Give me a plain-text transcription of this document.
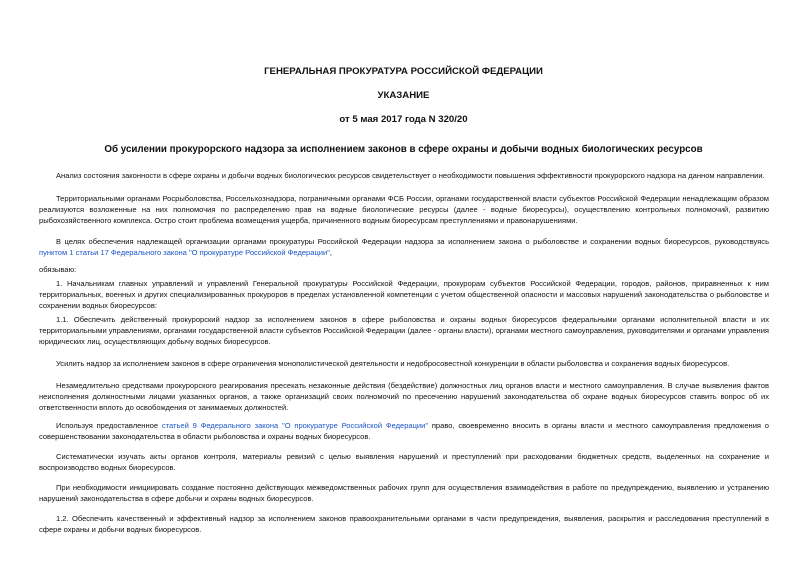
ГЕНЕРАЛЬНАЯ ПРОКУРАТУРА РОССИЙСКОЙ ФЕДЕРАЦИИ
УКАЗАНИЕ
от 5 мая 2017 года N 320/20
Об усилении прокурорского надзора за исполнением законов в сфере охраны и добычи водных биологических ресурсов

Анализ состояния законности в сфере охраны и добычи водных биологических ресурсов свидетельствует о необходимости повышения эффективности прокурорского надзора на данном направлении.

Территориальными органами Росрыболовства, Россельхознадзора, пограничными органами ФСБ России, органами государственной власти субъектов Российской Федерации ненадлежащим образом реализуются возложенные на них полномочия по распределению прав на водные биологические ресурсы (далее - водные биоресурсы), осуществлению контрольных полномочий, развитию рыбохозяйственного комплекса. Остро стоит проблема возмещения ущерба, причиненного водным биоресурсам преступлениями и правонарушениями.

В целях обеспечения надлежащей организации органами прокуратуры Российской Федерации надзора за исполнением закона о рыболовстве и сохранении водных биоресурсов, руководствуясь пунктом 1 статьи 17 Федерального закона "О прокуратуре Российской Федерации",

обязываю:

1. Начальникам главных управлений и управлений Генеральной прокуратуры Российской Федерации, прокурорам субъектов Российской Федерации, городов, районов, приравненных к ним территориальных, военных и других специализированных прокуроров в пределах установленной компетенции с учетом общественной опасности и массовых нарушений законодательства о рыболовстве и сохранении водных биоресурсов:

1.1. Обеспечить действенный прокурорский надзор за исполнением законов в сфере рыболовства и охраны водных биоресурсов федеральными органами исполнительной власти и их территориальными управлениями, органами государственной власти субъектов Российской Федерации (далее - органы власти), органами местного самоуправления, руководителями и органами управления юридических лиц, осуществляющих добычу водных биоресурсов.

Усилить надзор за исполнением законов в сфере ограничения монополистической деятельности и недобросовестной конкуренции в области рыболовства и сохранения водных биоресурсов.

Незамедлительно средствами прокурорского реагирования пресекать незаконные действия (бездействие) должностных лиц органов власти и местного самоуправления. В случае выявления фактов неисполнения должностными лицами указанных органов, а также организаций своих полномочий по пресечению нарушений законодательства об охране водных биоресурсов ставить вопрос об их ответственности вплоть до освобождения от занимаемых должностей.

Используя предоставленное статьей 9 Федерального закона "О прокуратуре Российской Федерации" право, своевременно вносить в органы власти и местного самоуправления предложения о совершенствовании законодательства в области рыболовства и охраны водных биоресурсов.

Систематически изучать акты органов контроля, материалы ревизий с целью выявления нарушений и преступлений при расходовании бюджетных средств, выделенных на сохранение и воспроизводство водных биоресурсов.

При необходимости инициировать создание постоянно действующих межведомственных рабочих групп для осуществления взаимодействия в работе по предупреждению, выявлению и устранению нарушений законодательства в сфере добычи и охраны водных биоресурсов.

1.2. Обеспечить качественный и эффективный надзор за исполнением законов правоохранительными органами в части предупреждения, выявления, раскрытия и расследования преступлений в сфере охраны и добычи водных биоресурсов.
